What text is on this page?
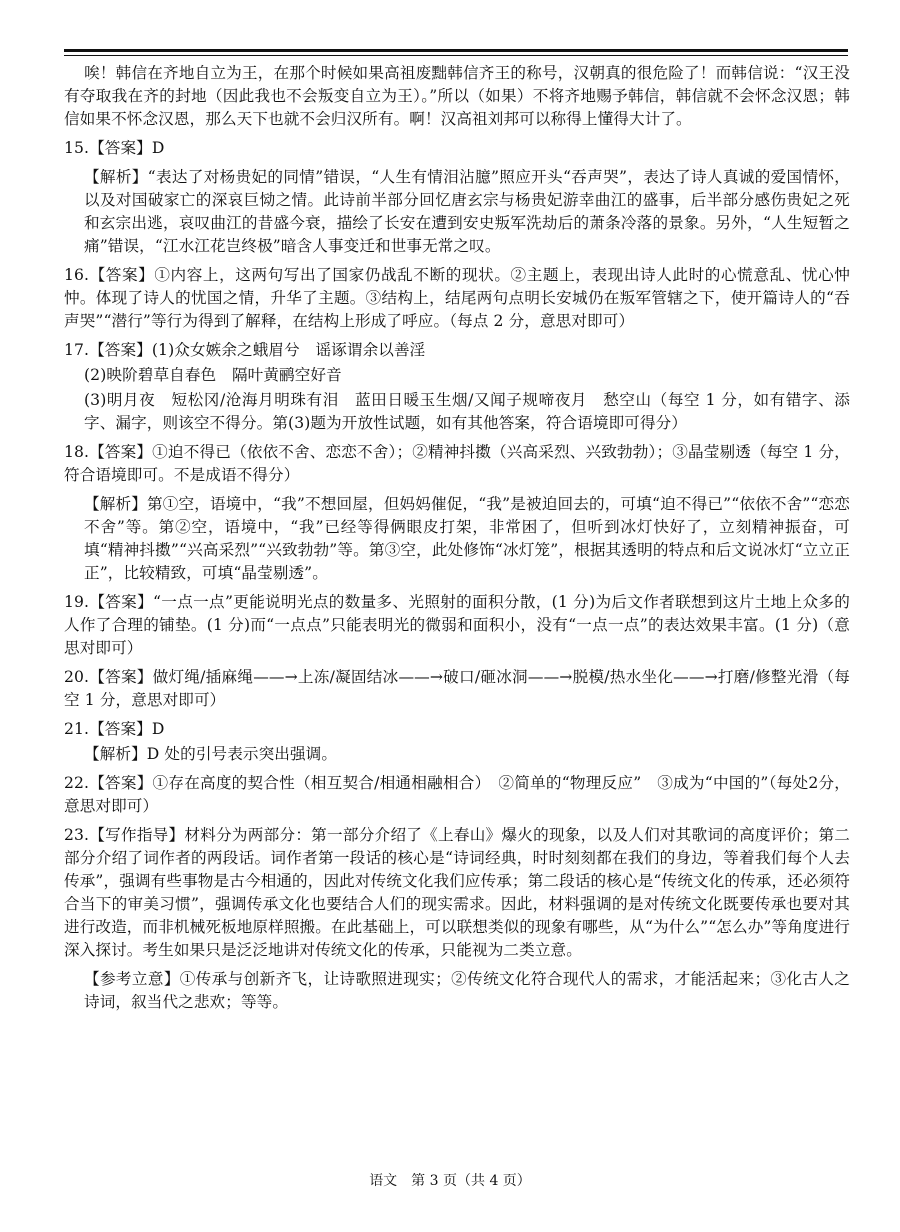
唉！韩信在齐地自立为王，在那个时候如果高祖废黜韩信齐王的称号，汉朝真的很危险了！而韩信说：“汉王没有夺取我在齐的封地（因此我也不会叛变自立为王）。”所以（如果）不将齐地赐予韩信，韩信就不会怀念汉恩；韩信如果不怀念汉恩，那么天下也就不会归汉所有。啊！汉高祖刘邦可以称得上懂得大计了。

15.【答案】D

【解析】“表达了对杨贵妃的同情”错误，“人生有情泪沾臆”照应开头“吞声哭”，表达了诗人真诚的爱国情怀，以及对国破家亡的深哀巨恸之情。此诗前半部分回忆唐玄宗与杨贵妃游幸曲江的盛事，后半部分感伤贵妃之死和玄宗出逃，哀叹曲江的昔盛今衰，描绘了长安在遭到安史叛军洗劫后的萧条冷落的景象。另外，“人生短暂之痛”错误，“江水江花岂终极”暗含人事变迁和世事无常之叹。

16.【答案】①内容上，这两句写出了国家仍战乱不断的现状。②主题上，表现出诗人此时的心慌意乱、忧心忡忡。体现了诗人的忧国之情，升华了主题。③结构上，结尾两句点明长安城仍在叛军管辖之下，使开篇诗人的“吞声哭”“潜行”等行为得到了解释，在结构上形成了呼应。（每点 2 分，意思对即可）

17.【答案】(1)众女嫉余之蛾眉兮　谣诼谓余以善淫

(2)映阶碧草自春色　隔叶黄鹂空好音

(3)明月夜　短松冈/沧海月明珠有泪　蓝田日暖玉生烟/又闻子规啼夜月　愁空山（每空 1 分，如有错字、添字、漏字，则该空不得分。第(3)题为开放性试题，如有其他答案，符合语境即可得分）

18.【答案】①迫不得已（依依不舍、恋恋不舍）；②精神抖擞（兴高采烈、兴致勃勃）；③晶莹剔透（每空 1 分，符合语境即可。不是成语不得分）

【解析】第①空，语境中，“我”不想回屋，但妈妈催促，“我”是被迫回去的，可填“迫不得已”“依依不舍”“恋恋不舍”等。第②空，语境中，“我”已经等得俩眼皮打架，非常困了，但听到冰灯快好了，立刻精神振奋，可填“精神抖擞”“兴高采烈”“兴致勃勃”等。第③空，此处修饰“冰灯笼”，根据其透明的特点和后文说冰灯“立立正正”，比较精致，可填“晶莹剔透”。

19.【答案】“一点一点”更能说明光点的数量多、光照射的面积分散，(1 分)为后文作者联想到这片土地上众多的人作了合理的铺垫。(1 分)而“一点点”只能表明光的微弱和面积小，没有“一点一点”的表达效果丰富。(1 分)（意思对即可）

20.【答案】做灯绳/插麻绳——→上冻/凝固结冰——→破口/砸冰洞——→脱模/热水坐化——→打磨/修整光滑（每空 1 分，意思对即可）

21.【答案】D

【解析】D 处的引号表示突出强调。

22.【答案】①存在高度的契合性（相互契合/相通相融相合）　②简单的“物理反应”　③成为“中国的”（每处2分，意思对即可）

23.【写作指导】材料分为两部分：第一部分介绍了《上春山》爆火的现象，以及人们对其歌词的高度评价；第二部分介绍了词作者的两段话。词作者第一段话的核心是“诗词经典，时时刻刻都在我们的身边，等着我们每个人去传承”，强调有些事物是古今相通的，因此对传统文化我们应传承；第二段话的核心是“传统文化的传承，还必须符合当下的审美习惯”，强调传承文化也要结合人们的现实需求。因此，材料强调的是对传统文化既要传承也要对其进行改造，而非机械死板地原样照搬。在此基础上，可以联想类似的现象有哪些，从“为什么”“怎么办”等角度进行深入探讨。考生如果只是泛泛地讲对传统文化的传承，只能视为二类立意。

【参考立意】①传承与创新齐飞，让诗歌照进现实；②传统文化符合现代人的需求，才能活起来；③化古人之诗词，叙当代之悲欢；等等。

语文　第 3 页（共 4 页）
